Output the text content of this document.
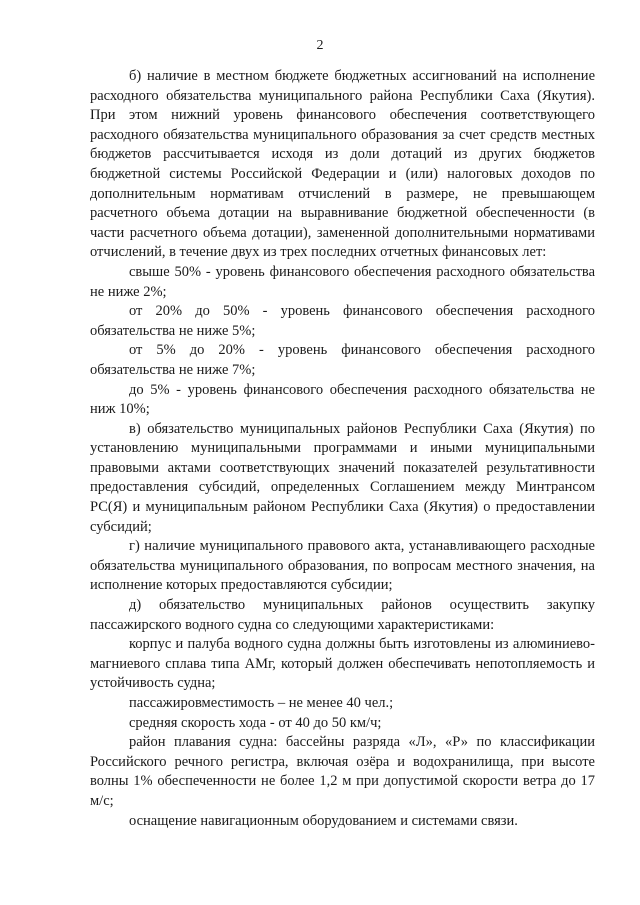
2

б) наличие в местном бюджете бюджетных ассигнований на исполнение расходного обязательства муниципального района Республики Саха (Якутия). При этом нижний уровень финансового обеспечения соответствующего расходного обязательства муниципального образования за счет средств местных бюджетов рассчитывается исходя из доли дотаций из других бюджетов бюджетной системы Российской Федерации и (или) налоговых доходов по дополнительным нормативам отчислений в размере, не превышающем расчетного объема дотации на выравнивание бюджетной обеспеченности (в части расчетного объема дотации), замененной дополнительными нормативами отчислений, в течение двух из трех последних отчетных финансовых лет:

свыше 50% - уровень финансового обеспечения расходного обязательства не ниже 2%;

от 20% до 50% - уровень финансового обеспечения расходного обязательства не ниже 5%;

от 5% до 20% - уровень финансового обеспечения расходного обязательства не ниже 7%;

до 5% - уровень финансового обеспечения расходного обязательства не ниж 10%;

в) обязательство муниципальных районов Республики Саха (Якутия) по установлению муниципальными программами и иными муниципальными правовыми актами соответствующих значений показателей результативности предоставления субсидий, определенных Соглашением между Минтрансом РС(Я) и муниципальным районом Республики Саха (Якутия) о предоставлении субсидий;

г) наличие муниципального правового акта, устанавливающего расходные обязательства муниципального образования, по вопросам местного значения, на исполнение которых предоставляются субсидии;

д) обязательство муниципальных районов осуществить закупку пассажирского водного судна со следующими характеристиками:

корпус и палуба водного судна должны быть изготовлены из алюминиево-магниевого сплава типа АМг, который должен обеспечивать непотопляемость и устойчивость судна;

пассажировместимость – не менее 40 чел.;

средняя скорость хода - от 40 до 50 км/ч;

район плавания судна: бассейны разряда «Л», «Р» по классификации Российского речного регистра, включая озёра и водохранилища, при высоте волны 1% обеспеченности не более 1,2 м при допустимой скорости ветра до 17 м/с;

оснащение навигационным оборудованием и системами связи.
